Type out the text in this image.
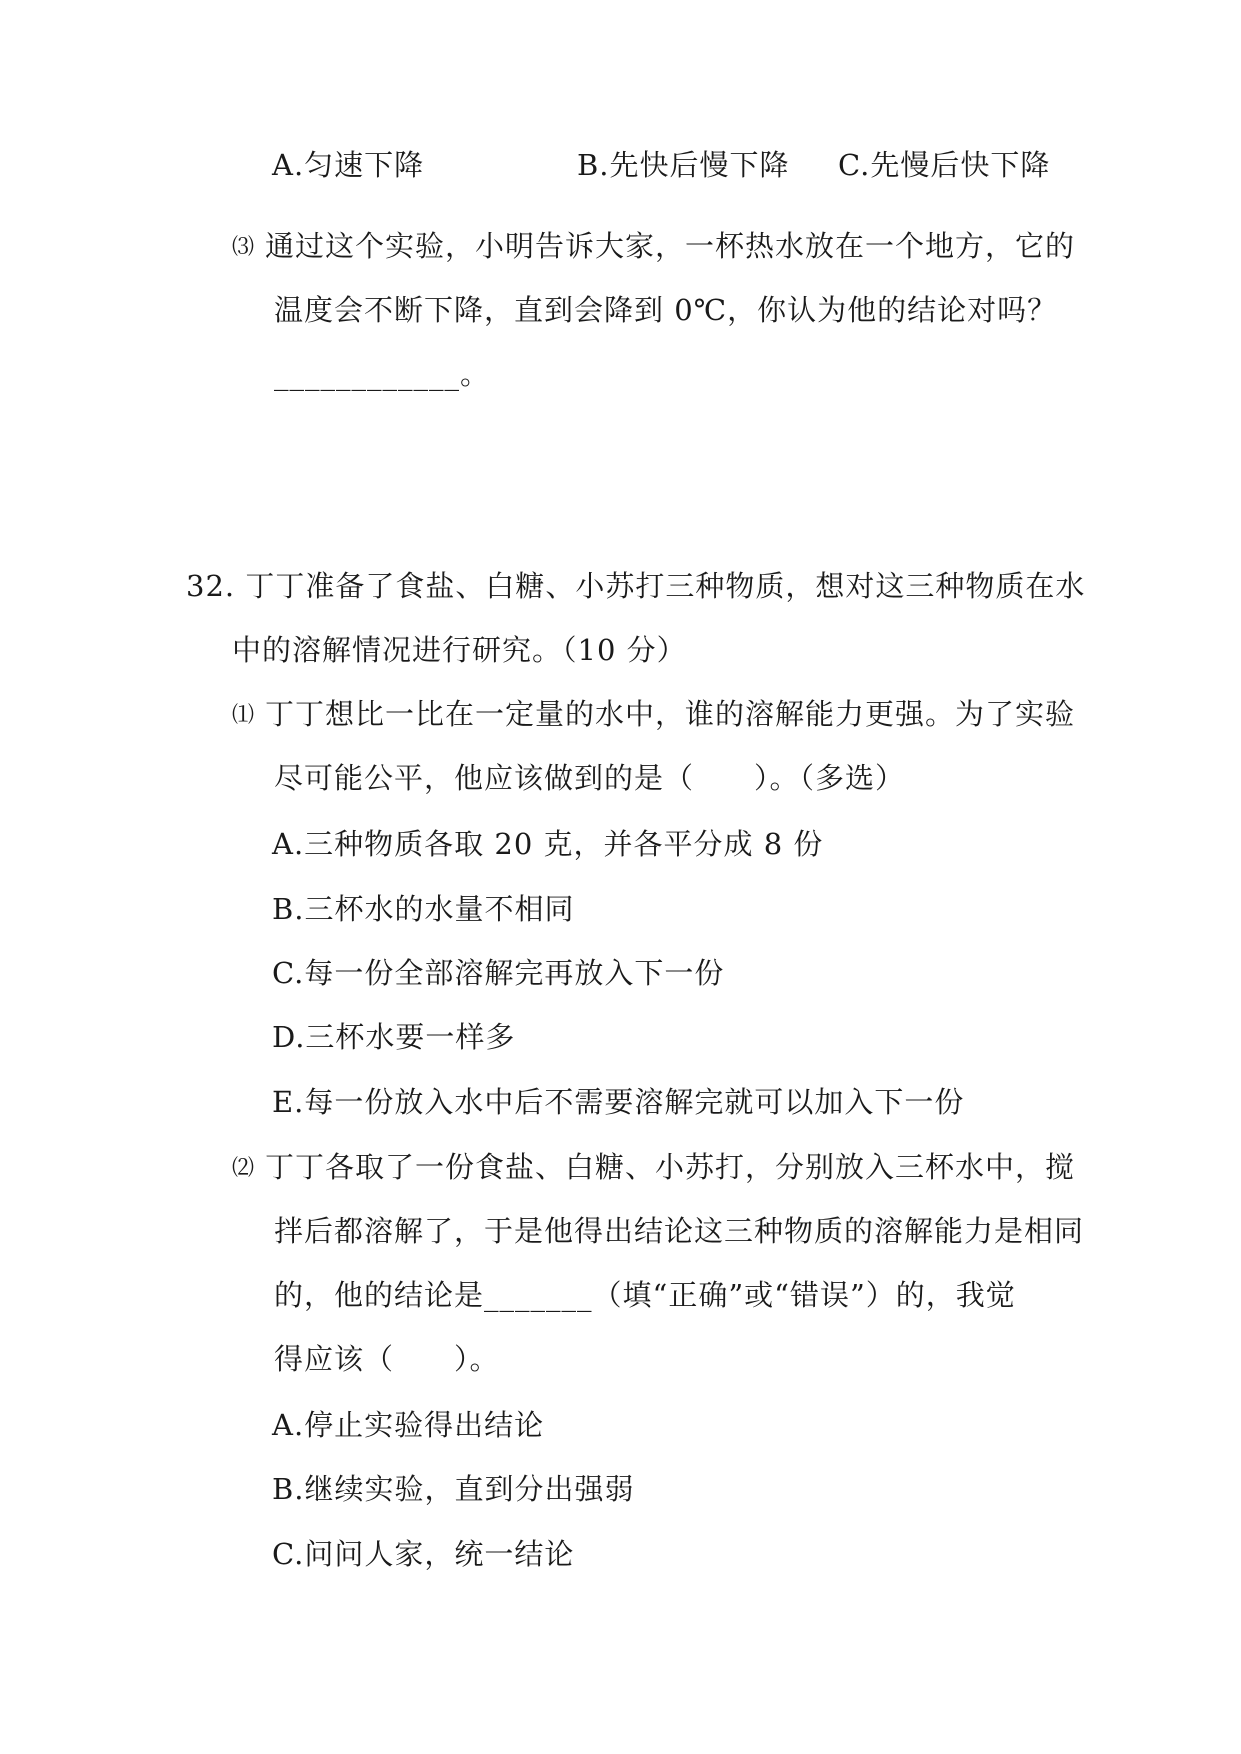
A.匀速下降	B.先快后慢下降 C.先慢后快下降
⑶ 通过这个实验，小明告诉大家，一杯热水放在一个地方，它的
温度会不断下降，直到会降到 0℃，你认为他的结论对吗？
____________。
32. 丁丁准备了食盐、白糖、小苏打三种物质，想对这三种物质在水
中的溶解情况进行研究。（10 分）
⑴ 丁丁想比一比在一定量的水中，谁的溶解能力更强。为了实验
尽可能公平，他应该做到的是（　　）。（多选）
A.三种物质各取 20 克，并各平分成 8 份
B.三杯水的水量不相同
C.每一份全部溶解完再放入下一份
D.三杯水要一样多
E.每一份放入水中后不需要溶解完就可以加入下一份
⑵ 丁丁各取了一份食盐、白糖、小苏打，分别放入三杯水中，搅
拌后都溶解了，于是他得出结论这三种物质的溶解能力是相同
的，他的结论是_______（填“正确”或“错误”）的，我觉
得应该（　　）。
A.停止实验得出结论
B.继续实验，直到分出强弱
C.问问人家，统一结论
